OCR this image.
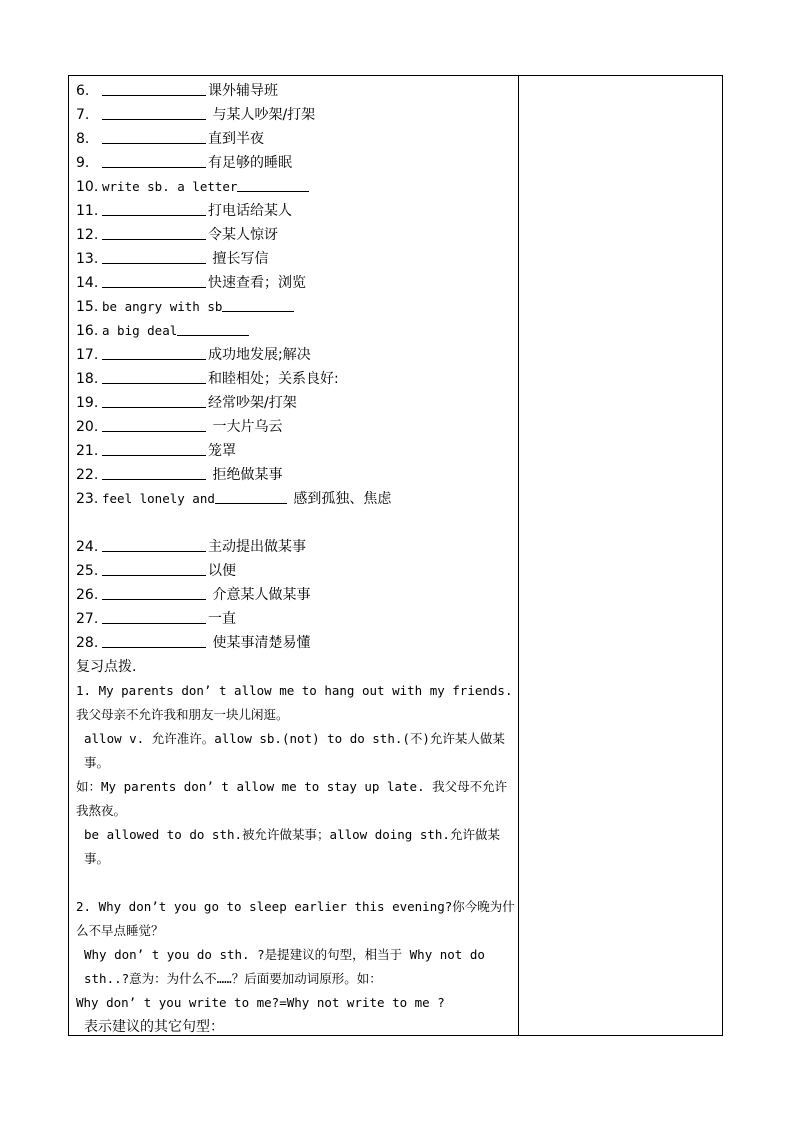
6.	课外辅导班
7.	与某人吵架/打架
8.	直到半夜
9.	有足够的睡眠
10. write sb. a letter
11.	打电话给某人
12.	令某人惊讶
13.	擅长写信
14.	快速查看；浏览
15. be angry with sb
16. a big deal
17.	成功地发展;解决
18.	和睦相处；关系良好:
19.	经常吵架/打架
20.	一大片乌云
21.	笼罩
22.	拒绝做某事
23. feel lonely and	感到孤独、焦虑
24.	主动提出做某事
25.	以便
26.	介意某人做某事
27.	一直
28.	使某事清楚易懂
复习点拨.
1. My parents don’ t allow me to hang out with my friends. 我父母亲不允许我和朋友一块儿闲逛。
allow v. 允许准许。allow sb.(not) to do sth.(不)允许某人做某事。
如：My parents don’ t allow me to stay up late. 我父母不允许我熬夜。
be allowed to do sth.被允许做某事；allow doing sth.允许做某事。
2. Why don’t you go to sleep earlier this evening?你今晚为什么不早点睡觉？
Why don’ t you do sth. ?是提建议的句型，相当于 Why not do sth..?意为：为什么不……？后面要加动词原形。如：
Why don’ t you write to me?=Why not write to me ?
表示建议的其它句型：
